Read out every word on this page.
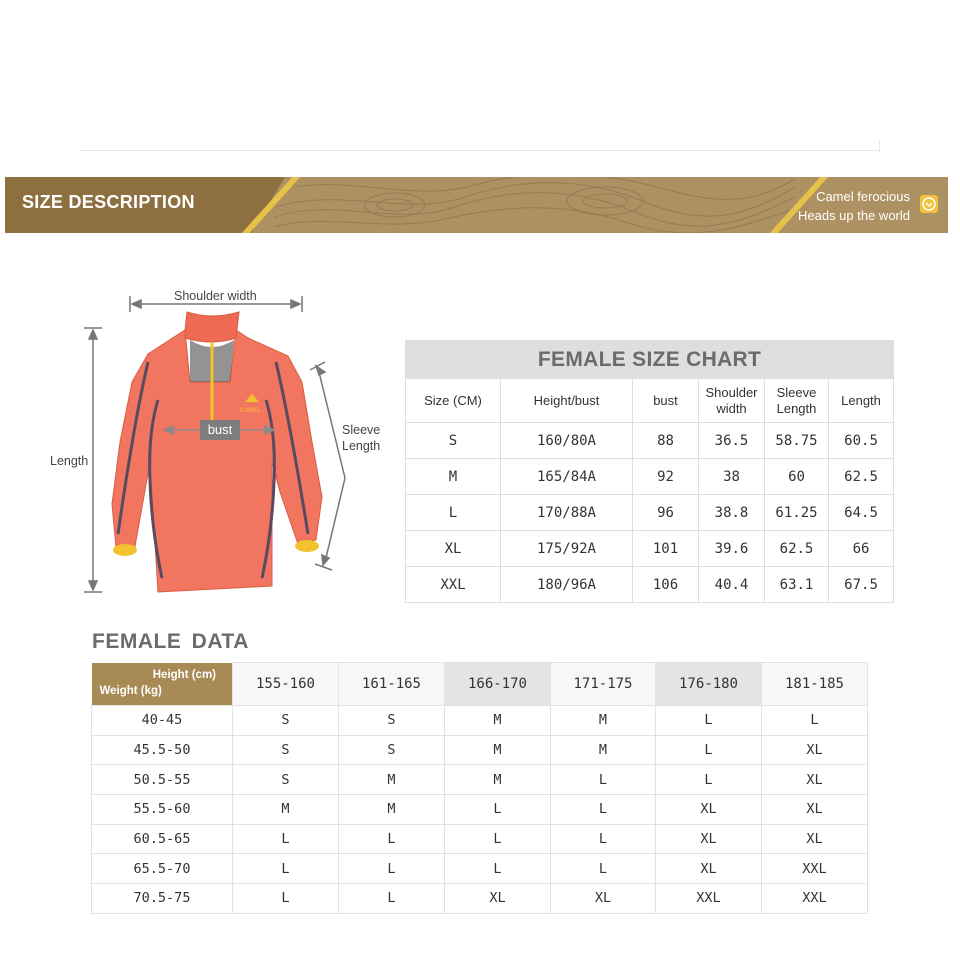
SIZE DESCRIPTION	Camel ferocious
Heads up the world
CAMEL
Shoulder width
Length
bust	Sleeve
Length
FEMALE SIZE CHART					
Size (CM)	Height/bust	bust	Shoulder width	Sleeve Length	Length
S	160/80A	88	36.5	58.75	60.5
M	165/84A	92	38	60	62.5
L	170/88A	96	38.8	61.25	64.5
XL	175/92A	101	39.6	62.5	66
XXL	180/96A	106	40.4	63.1	67.5
FEMALE DATA
Height (cm)
Weight (kg)	155-160	161-165	166-170	171-175	176-180	181-185
40-45	S	S	M	M	L	L
45.5-50	S	S	M	M	L	XL
50.5-55	S	M	M	L	L	XL
55.5-60	M	M	L	L	XL	XL
60.5-65	L	L	L	L	XL	XL
65.5-70	L	L	L	L	XL	XXL
70.5-75	L	L	XL	XL	XXL	XXL
